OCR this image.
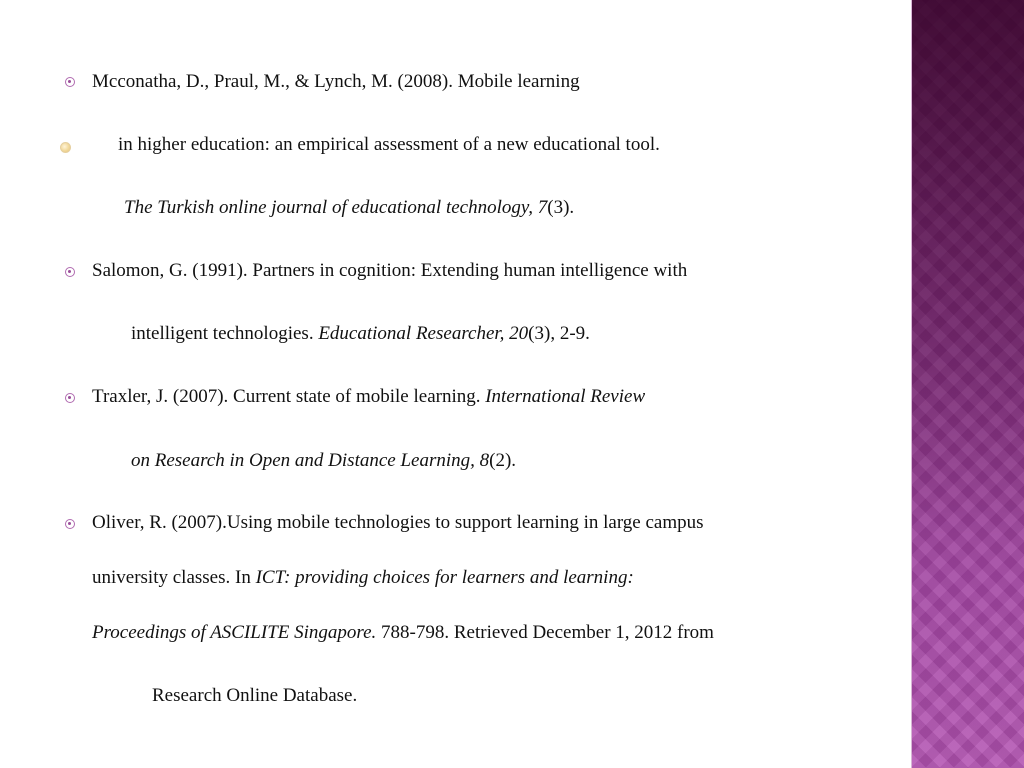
Mcconatha, D., Praul, M., & Lynch, M. (2008). Mobile learning
in higher education: an empirical assessment of a new educational tool.
The Turkish online journal of educational technology, 7(3).
Salomon, G. (1991). Partners in cognition: Extending human intelligence with
intelligent technologies. Educational Researcher, 20(3), 2-9.
Traxler, J. (2007). Current state of mobile learning. International Review
on Research in Open and Distance Learning, 8(2).
Oliver, R. (2007).Using mobile technologies to support learning in large campus
university classes. In ICT: providing choices for learners and learning:
Proceedings of ASCILITE Singapore. 788-798. Retrieved December 1, 2012 from
Research Online Database.
